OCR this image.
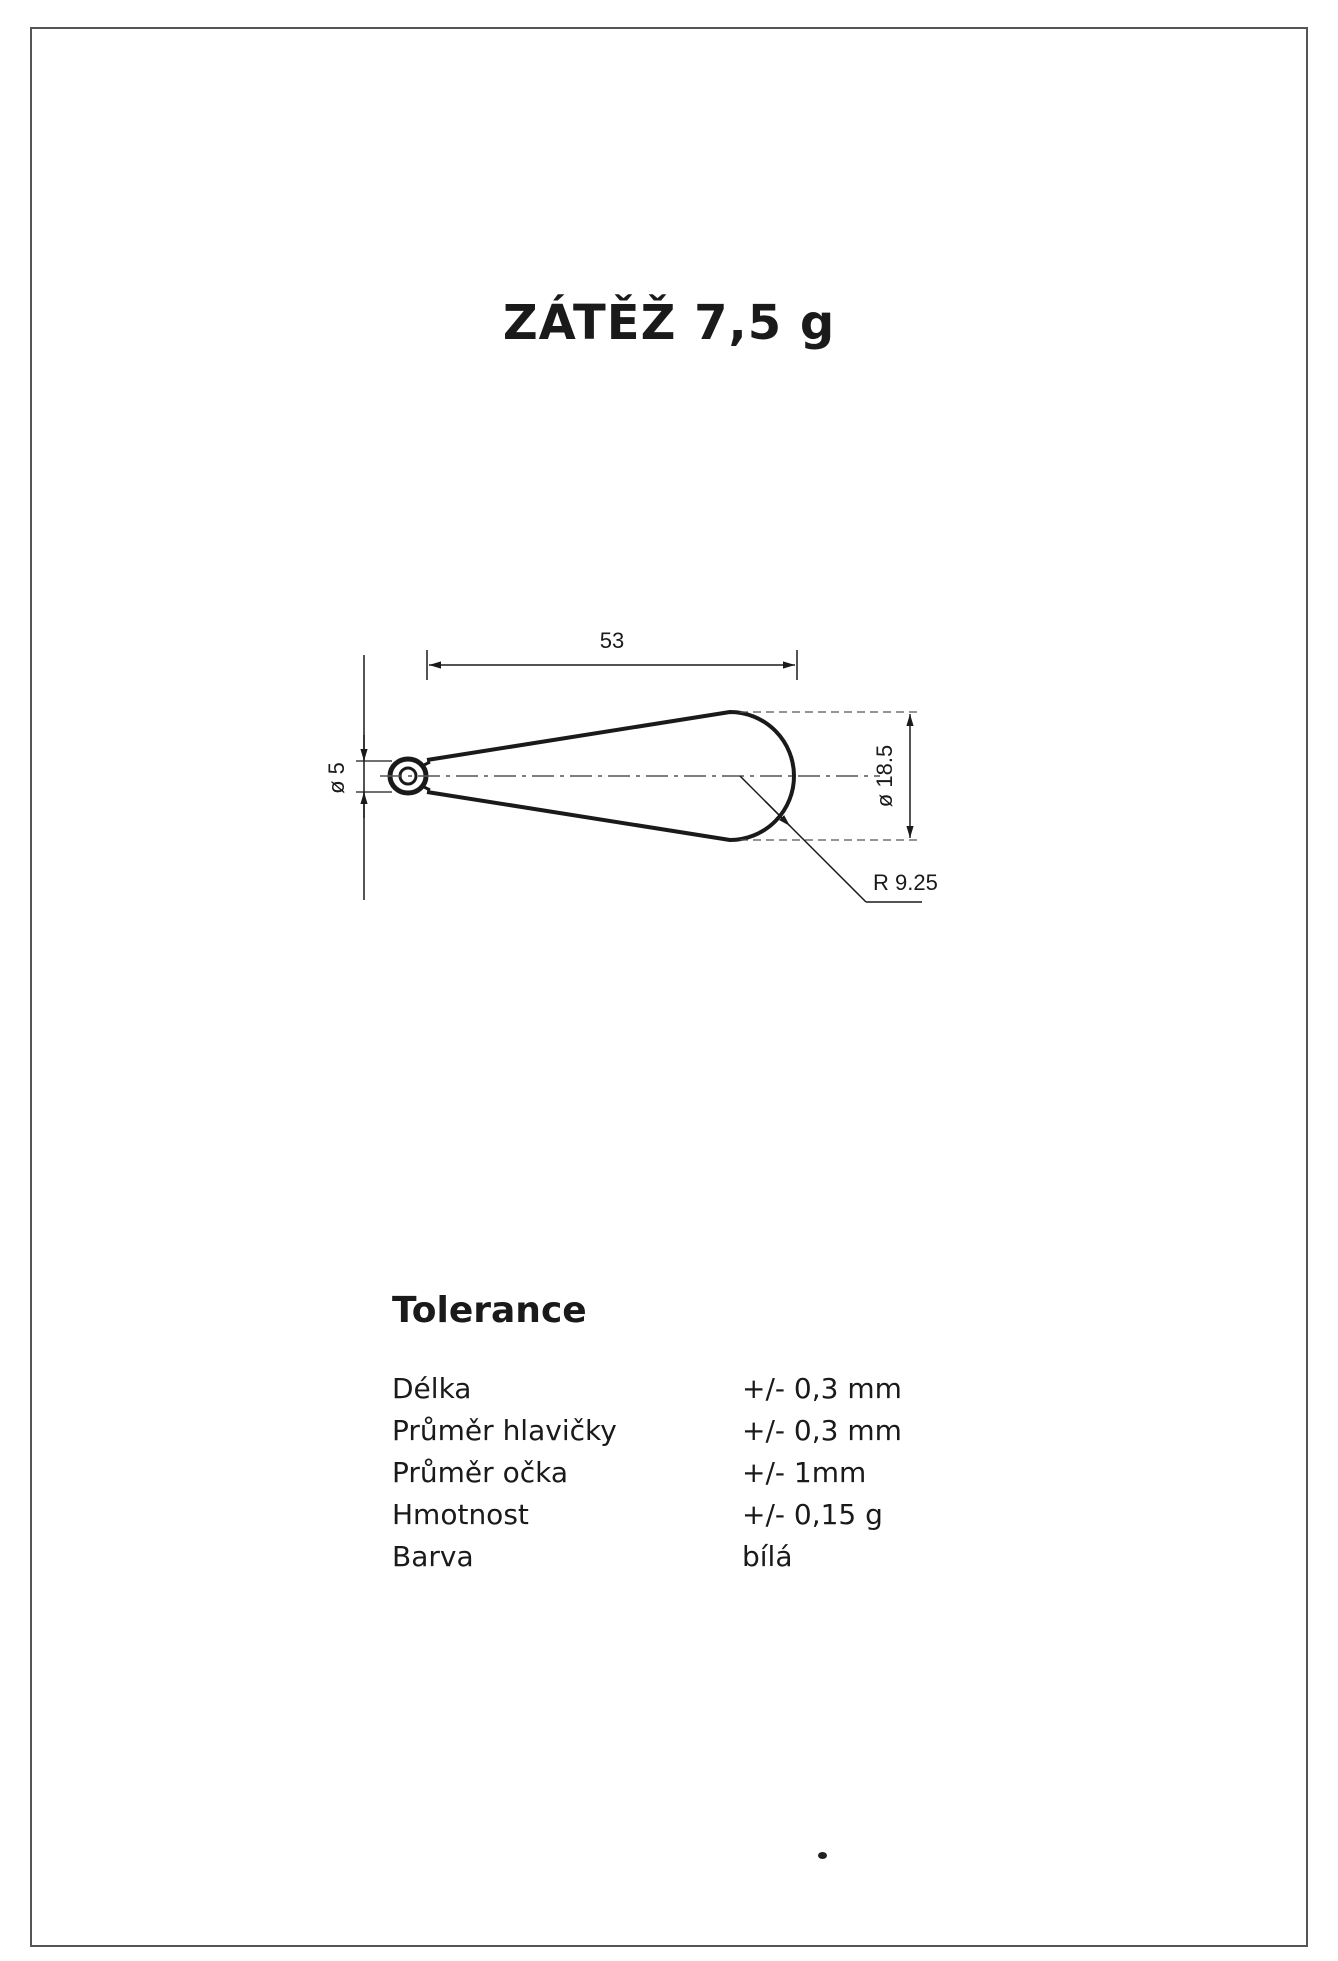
ZÁTĚŽ 7,5 g
53
ø 5	ø 18.5
R 9.25
Tolerance
Délka	+/- 0,3 mm
Průměr hlavičky	+/- 0,3 mm
Průměr očka	+/- 1mm
Hmotnost	+/- 0,15 g
Barva	bílá
